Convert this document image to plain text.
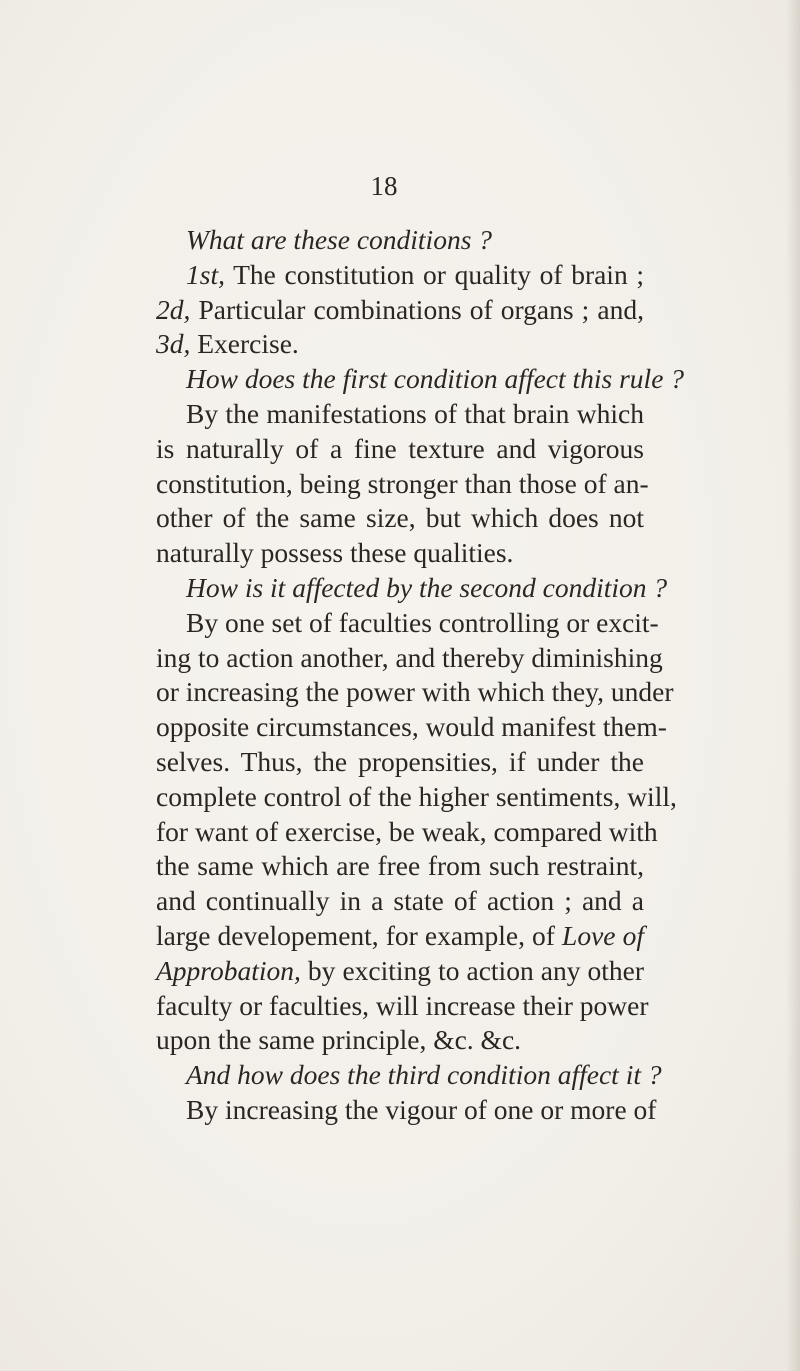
18

What are these conditions ?
1st, The constitution or quality of brain ;
2d, Particular combinations of organs ; and,
3d, Exercise.
How does the first condition affect this rule ?
By the manifestations of that brain which
is naturally of a fine texture and vigorous
constitution, being stronger than those of an-
other of the same size, but which does not
naturally possess these qualities.
How is it affected by the second condition ?
By one set of faculties controlling or excit-
ing to action another, and thereby diminishing
or increasing the power with which they, under
opposite circumstances, would manifest them-
selves. Thus, the propensities, if under the
complete control of the higher sentiments, will,
for want of exercise, be weak, compared with
the same which are free from such restraint,
and continually in a state of action ; and a
large developement, for example, of Love of
Approbation, by exciting to action any other
faculty or faculties, will increase their power
upon the same principle, &c. &c.
And how does the third condition affect it ?
By increasing the vigour of one or more of
